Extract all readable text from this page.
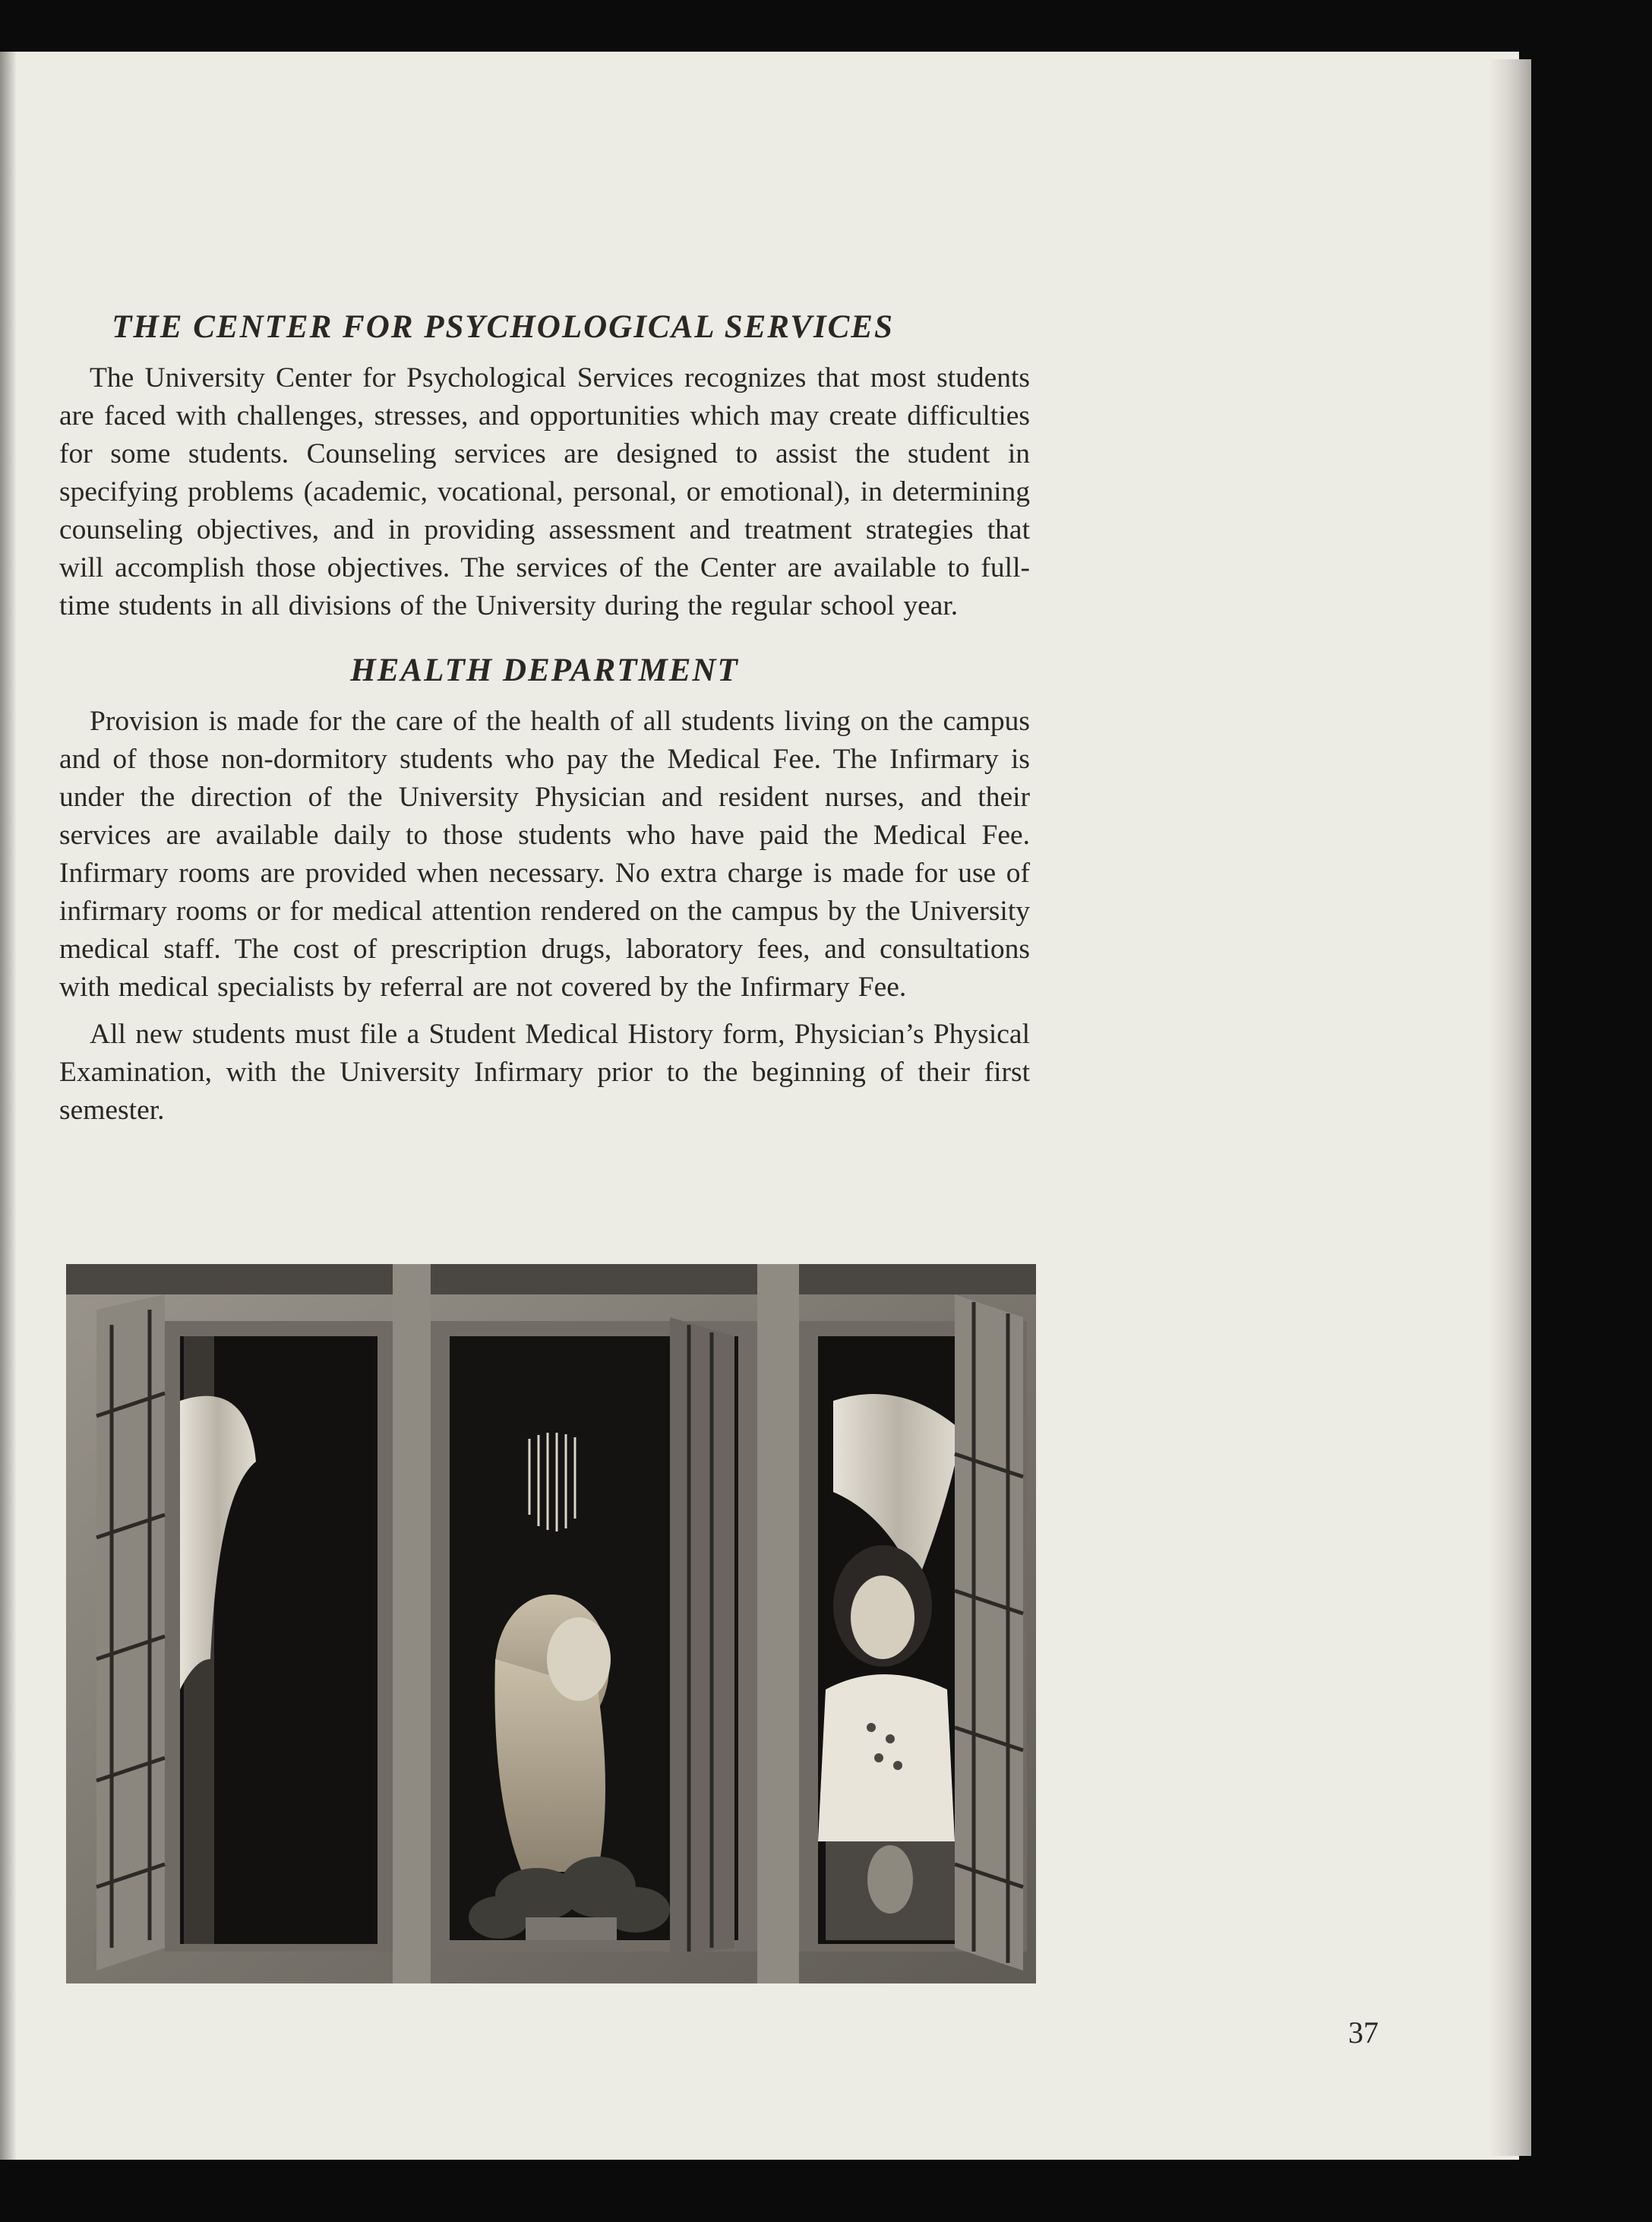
THE CENTER FOR PSYCHOLOGICAL SERVICES

The University Center for Psychological Services recognizes that most students are faced with challenges, stresses, and opportunities which may create difficulties for some students. Counseling services are designed to assist the student in specifying problems (academic, vocational, personal, or emotional), in determining counseling objectives, and in providing assessment and treatment strategies that will accomplish those objectives. The services of the Center are available to full-time students in all divisions of the University during the regular school year.

HEALTH DEPARTMENT

Provision is made for the care of the health of all students living on the campus and of those non-dormitory students who pay the Medical Fee. The Infirmary is under the direction of the University Physician and resident nurses, and their services are available daily to those students who have paid the Medical Fee. Infirmary rooms are provided when necessary. No extra charge is made for use of infirmary rooms or for medical attention rendered on the campus by the University medical staff. The cost of prescription drugs, laboratory fees, and consultations with medical specialists by referral are not covered by the Infirmary Fee.

All new students must file a Student Medical History form, Physician’s Physical Examination, with the University Infirmary prior to the beginning of their first semester.

37
